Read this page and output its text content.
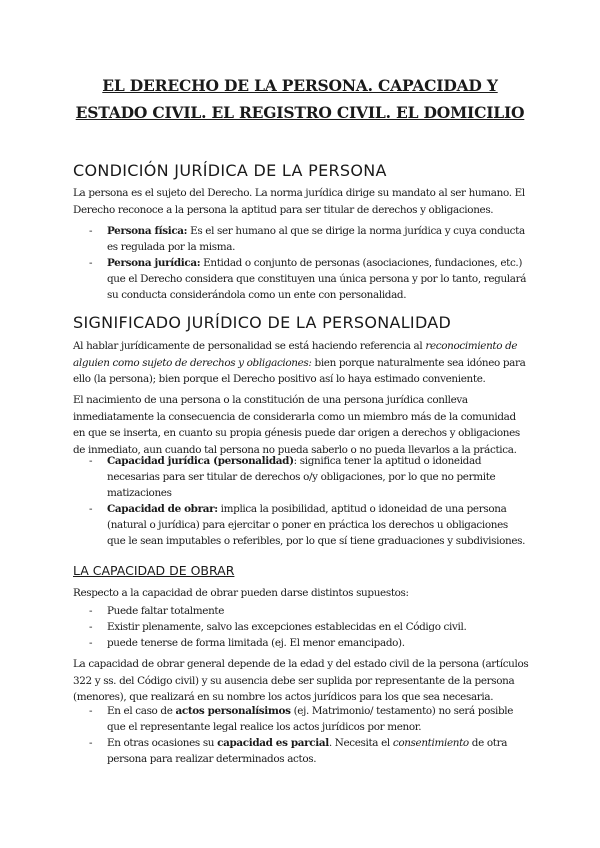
EL DERECHO DE LA PERSONA. CAPACIDAD Y
ESTADO CIVIL. EL REGISTRO CIVIL. EL DOMICILIO
CONDICIÓN JURÍDICA DE LA PERSONA
La persona es el sujeto del Derecho. La norma jurídica dirige su mandato al ser humano. El Derecho reconoce a la persona la aptitud para ser titular de derechos y obligaciones.
- Persona física: Es el ser humano al que se dirige la norma jurídica y cuya conducta es regulada por la misma.
- Persona jurídica: Entidad o conjunto de personas (asociaciones, fundaciones, etc.) que el Derecho considera que constituyen una única persona y por lo tanto, regulará su conducta considerándola como un ente con personalidad.
SIGNIFICADO JURÍDICO DE LA PERSONALIDAD
Al hablar jurídicamente de personalidad se está haciendo referencia al reconocimiento de alguien como sujeto de derechos y obligaciones: bien porque naturalmente sea idóneo para ello (la persona); bien porque el Derecho positivo así lo haya estimado conveniente.
El nacimiento de una persona o la constitución de una persona jurídica conlleva inmediatamente la consecuencia de considerarla como un miembro más de la comunidad en que se inserta, en cuanto su propia génesis puede dar origen a derechos y obligaciones de inmediato, aun cuando tal persona no pueda saberlo o no pueda llevarlos a la práctica.
- Capacidad jurídica (personalidad): significa tener la aptitud o idoneidad necesarias para ser titular de derechos o/y obligaciones, por lo que no permite matizaciones
- Capacidad de obrar: implica la posibilidad, aptitud o idoneidad de una persona (natural o jurídica) para ejercitar o poner en práctica los derechos u obligaciones que le sean imputables o referibles, por lo que sí tiene graduaciones y subdivisiones.
LA CAPACIDAD DE OBRAR
Respecto a la capacidad de obrar pueden darse distintos supuestos:
- Puede faltar totalmente
- Existir plenamente, salvo las excepciones establecidas en el Código civil.
- puede tenerse de forma limitada (ej. El menor emancipado).
La capacidad de obrar general depende de la edad y del estado civil de la persona (artículos 322 y ss. del Código civil) y su ausencia debe ser suplida por representante de la persona (menores), que realizará en su nombre los actos jurídicos para los que sea necesaria.
- En el caso de actos personalísimos (ej. Matrimonio/ testamento) no será posible que el representante legal realice los actos jurídicos por menor.
- En otras ocasiones su capacidad es parcial. Necesita el consentimiento de otra persona para realizar determinados actos.
